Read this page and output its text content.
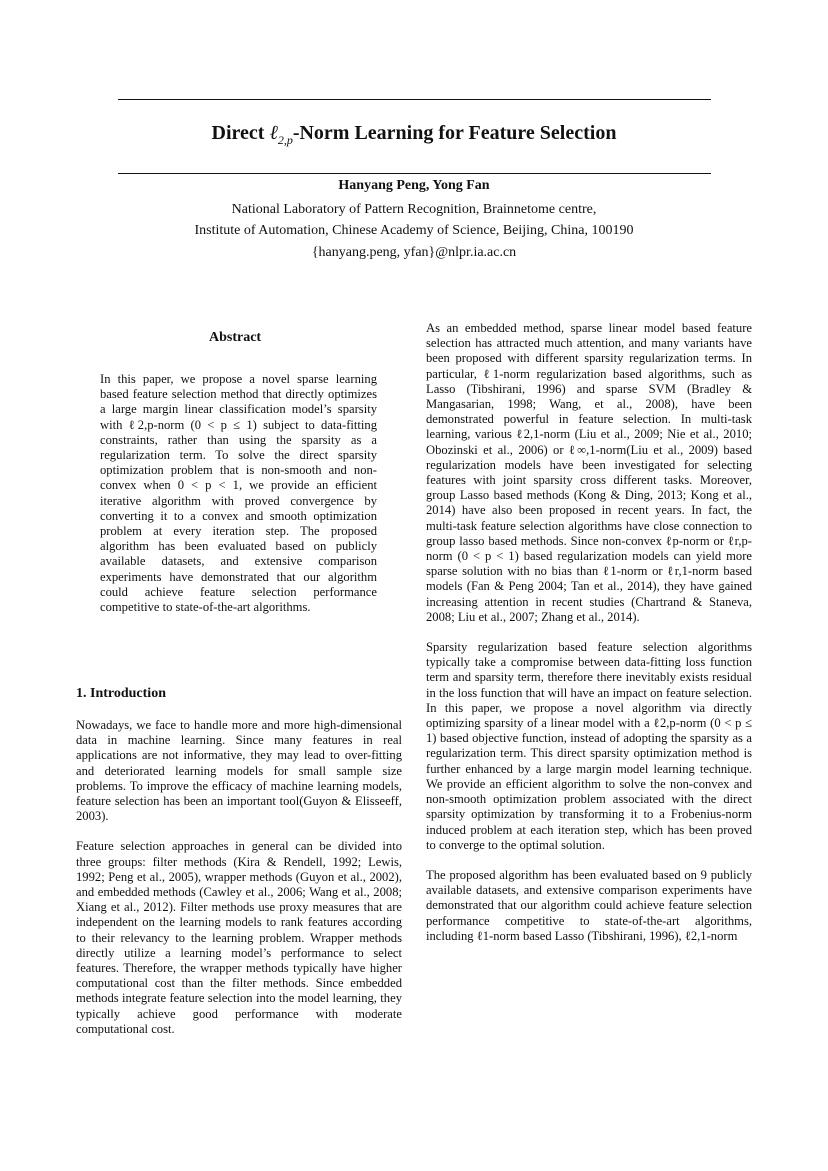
Direct ℓ$_{2,p}$-Norm Learning for Feature Selection
Hanyang Peng, Yong Fan
National Laboratory of Pattern Recognition, Brainnetome centre,
Institute of Automation, Chinese Academy of Science, Beijing, China, 100190
{hanyang.peng, yfan}@nlpr.ia.ac.cn
Abstract

In this paper, we propose a novel sparse learning based feature selection method that directly optimizes a large margin linear classification model’s sparsity with ℓ2,p-norm (0 < p ≤ 1) subject to data-fitting constraints, rather than using the sparsity as a regularization term. To solve the direct sparsity optimization problem that is non-smooth and non-convex when 0 < p < 1, we provide an efficient iterative algorithm with proved convergence by converting it to a convex and smooth optimization problem at every iteration step. The proposed algorithm has been evaluated based on publicly available datasets, and extensive comparison experiments have demonstrated that our algorithm could achieve feature selection performance competitive to state-of-the-art algorithms.

1. Introduction

Nowadays, we face to handle more and more high-dimensional data in machine learning. Since many features in real applications are not informative, they may lead to over-fitting and deteriorated learning models for small sample size problems. To improve the efficacy of machine learning models, feature selection has been an important tool(Guyon & Elisseeff, 2003).

Feature selection approaches in general can be divided into three groups: filter methods (Kira & Rendell, 1992; Lewis, 1992; Peng et al., 2005), wrapper methods (Guyon et al., 2002), and embedded methods (Cawley et al., 2006; Wang et al., 2008; Xiang et al., 2012). Filter methods use proxy measures that are independent on the learning models to rank features according to their relevancy to the learning problem. Wrapper methods directly utilize a learning model’s performance to select features. Therefore, the wrapper methods typically have higher computational cost than the filter methods. Since embedded methods integrate feature selection into the model learning, they typically achieve good performance with moderate computational cost.

As an embedded method, sparse linear model based feature selection has attracted much attention, and many variants have been proposed with different sparsity regularization terms. In particular, ℓ1-norm regularization based algorithms, such as Lasso (Tibshirani, 1996) and sparse SVM (Bradley & Mangasarian, 1998; Wang, et al., 2008), have been demonstrated powerful in feature selection. In multi-task learning, various ℓ2,1-norm (Liu et al., 2009; Nie et al., 2010; Obozinski et al., 2006) or ℓ∞,1-norm(Liu et al., 2009) based regularization models have been investigated for selecting features with joint sparsity cross different tasks. Moreover, group Lasso based methods (Kong & Ding, 2013; Kong et al., 2014) have also been proposed in recent years. In fact, the multi-task feature selection algorithms have close connection to group lasso based methods. Since non-convex ℓp-norm or ℓr,p-norm (0 < p < 1) based regularization models can yield more sparse solution with no bias than ℓ1-norm or ℓr,1-norm based models (Fan & Peng 2004; Tan et al., 2014), they have gained increasing attention in recent studies (Chartrand & Staneva, 2008; Liu et al., 2007; Zhang et al., 2014).

Sparsity regularization based feature selection algorithms typically take a compromise between data-fitting loss function term and sparsity term, therefore there inevitably exists residual in the loss function that will have an impact on feature selection. In this paper, we propose a novel algorithm via directly optimizing sparsity of a linear model with a ℓ2,p-norm (0 < p ≤ 1) based objective function, instead of adopting the sparsity as a regularization term. This direct sparsity optimization method is further enhanced by a large margin model learning technique. We provide an efficient algorithm to solve the non-convex and non-smooth optimization problem associated with the direct sparsity optimization by transforming it to a Frobenius-norm induced problem at each iteration step, which has been proved to converge to the optimal solution.

The proposed algorithm has been evaluated based on 9 publicly available datasets, and extensive comparison experiments have demonstrated that our algorithm could achieve feature selection performance competitive to state-of-the-art algorithms, including ℓ1-norm based Lasso (Tibshirani, 1996), ℓ2,1-norm
